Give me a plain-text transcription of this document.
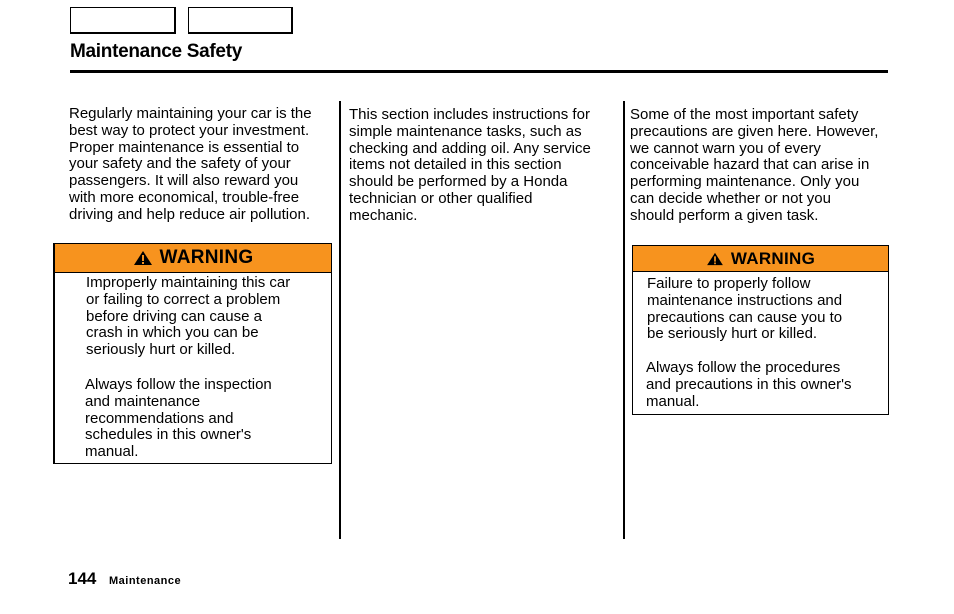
Maintenance Safety
Regularly maintaining your car is the
best way to protect your investment.
Proper maintenance is essential to
your safety and the safety of your
passengers. It will also reward you
with more economical, trouble-free
driving and help reduce air pollution.
This section includes instructions for
simple maintenance tasks, such as
checking and adding oil. Any service
items not detailed in this section
should be performed by a Honda
technician or other qualified
mechanic.
Some of the most important safety
precautions are given here. However,
we cannot warn you of every
conceivable hazard that can arise in
performing maintenance. Only you
can decide whether or not you
should perform a given task.
WARNING
Improperly maintaining this car
or failing to correct a problem
before driving can cause a
crash in which you can be
seriously hurt or killed.
Always follow the inspection
and maintenance
recommendations and
schedules in this owner's
manual.
WARNING
Failure to properly follow
maintenance instructions and
precautions can cause you to
be seriously hurt or killed.
Always follow the procedures
and precautions in this owner's
manual.
144 Maintenance
